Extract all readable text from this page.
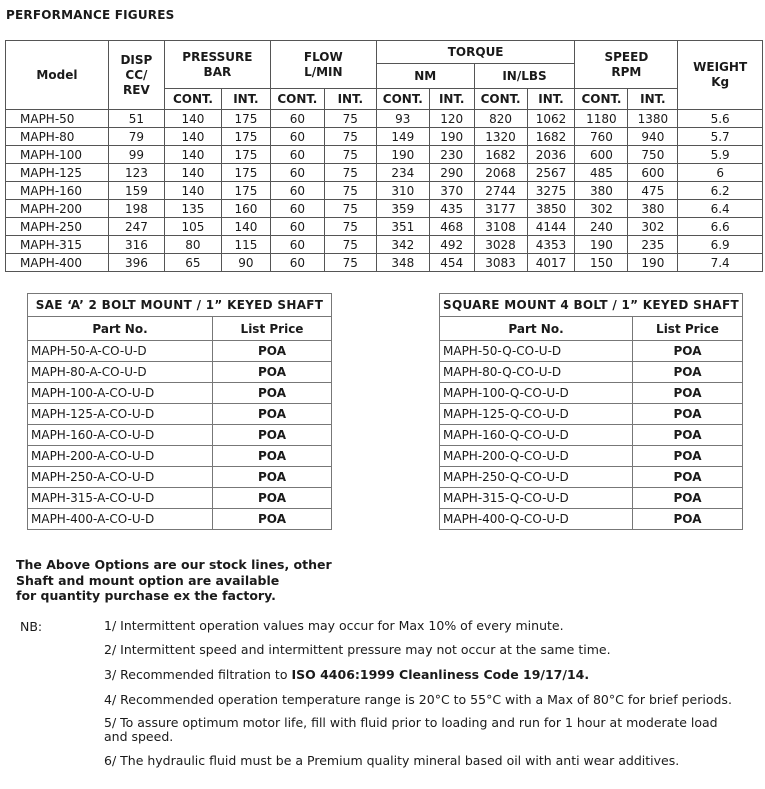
PERFORMANCE FIGURES
Model	DISP CC/ REV	PRESSURE BAR		FLOW L/MIN		TORQUE				SPEED RPM		WEIGHT Kg

						NM		IN/LBS				
		CONT.	INT.	CONT.	INT.	CONT.	INT.	CONT.	INT.	CONT.	INT.	
MAPH-50	51	140	175	60	75	93	120	820	1062	1180	1380	5.6
MAPH-80	79	140	175	60	75	149	190	1320	1682	760	940	5.7
MAPH-100	99	140	175	60	75	190	230	1682	2036	600	750	5.9
MAPH-125	123	140	175	60	75	234	290	2068	2567	485	600	6
MAPH-160	159	140	175	60	75	310	370	2744	3275	380	475	6.2
MAPH-200	198	135	160	60	75	359	435	3177	3850	302	380	6.4
MAPH-250	247	105	140	60	75	351	468	3108	4144	240	302	6.6
MAPH-315	316	80	115	60	75	342	492	3028	4353	190	235	6.9
MAPH-400	396	65	90	60	75	348	454	3083	4017	150	190	7.4
SAE ‘A’ 2 BOLT MOUNT / 1” KEYED SHAFT	
Part No.	List Price
MAPH-50-A-CO-U-D	POA
MAPH-80-A-CO-U-D	POA
MAPH-100-A-CO-U-D	POA
MAPH-125-A-CO-U-D	POA
MAPH-160-A-CO-U-D	POA
MAPH-200-A-CO-U-D	POA
MAPH-250-A-CO-U-D	POA
MAPH-315-A-CO-U-D	POA
MAPH-400-A-CO-U-D	POA
SQUARE MOUNT 4 BOLT / 1” KEYED SHAFT	
Part No.	List Price
MAPH-50-Q-CO-U-D	POA
MAPH-80-Q-CO-U-D	POA
MAPH-100-Q-CO-U-D	POA
MAPH-125-Q-CO-U-D	POA
MAPH-160-Q-CO-U-D	POA
MAPH-200-Q-CO-U-D	POA
MAPH-250-Q-CO-U-D	POA
MAPH-315-Q-CO-U-D	POA
MAPH-400-Q-CO-U-D	POA

The Above Options are our stock lines, other
Shaft and mount option are available
for quantity purchase ex the factory.

NB:	1/ Intermittent operation values may occur for Max 10% of every minute.
2/ Intermittent speed and intermittent pressure may not occur at the same time.
3/ Recommended filtration to ISO 4406:1999 Cleanliness Code 19/17/14.
4/ Recommended operation temperature range is 20°C to 55°C with a Max of 80°C for brief periods.
5/ To assure optimum motor life, fill with fluid prior to loading and run for 1 hour at moderate load and speed.
6/ The hydraulic fluid must be a Premium quality mineral based oil with anti wear additives.
